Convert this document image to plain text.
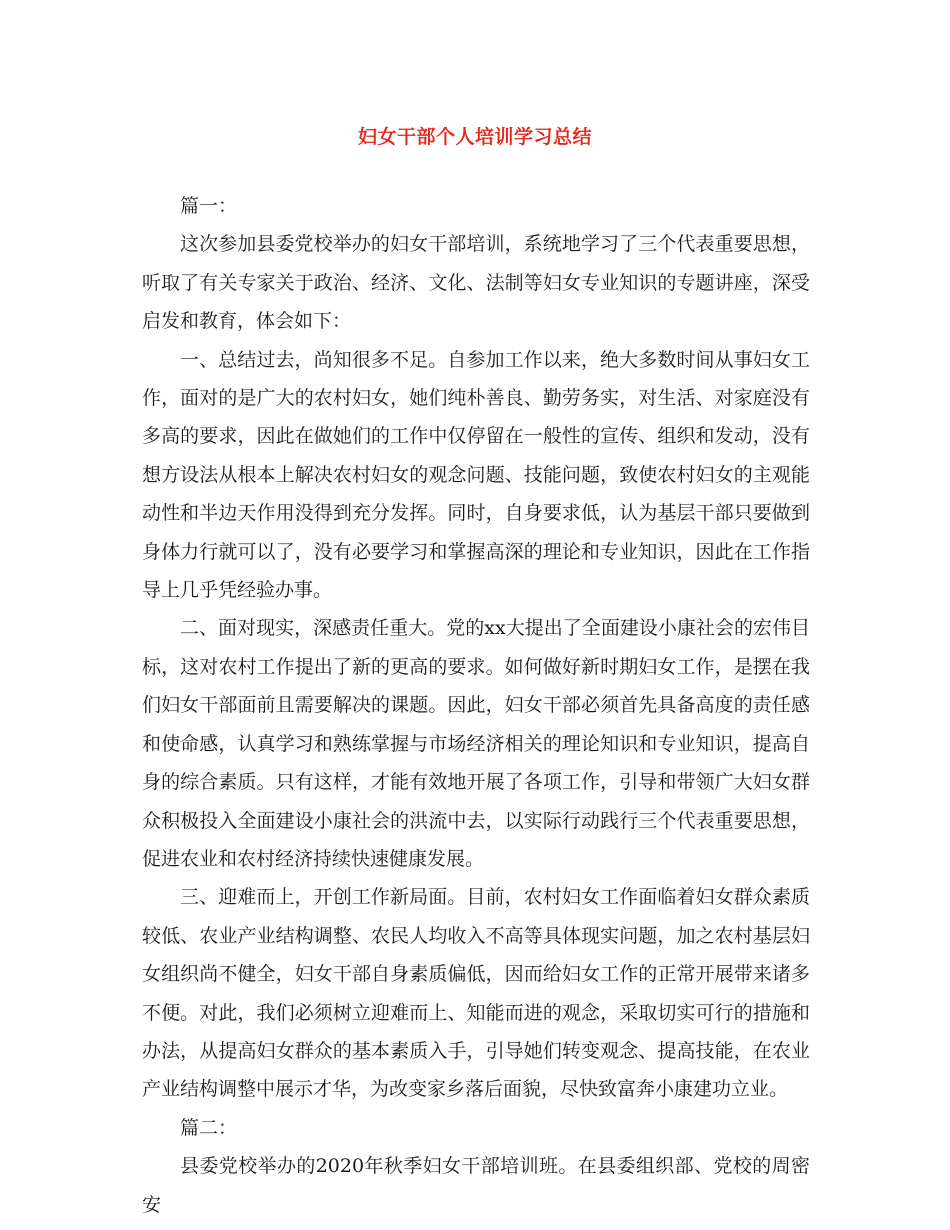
妇女干部个人培训学习总结

篇一：

这次参加县委党校举办的妇女干部培训，系统地学习了三个代表重要思想，听取了有关专家关于政治、经济、文化、法制等妇女专业知识的专题讲座，深受启发和教育，体会如下：

一、总结过去，尚知很多不足。自参加工作以来，绝大多数时间从事妇女工作，面对的是广大的农村妇女，她们纯朴善良、勤劳务实，对生活、对家庭没有多高的要求，因此在做她们的工作中仅停留在一般性的宣传、组织和发动，没有想方设法从根本上解决农村妇女的观念问题、技能问题，致使农村妇女的主观能动性和半边天作用没得到充分发挥。同时，自身要求低，认为基层干部只要做到身体力行就可以了，没有必要学习和掌握高深的理论和专业知识，因此在工作指导上几乎凭经验办事。

二、面对现实，深感责任重大。党的xx大提出了全面建设小康社会的宏伟目标，这对农村工作提出了新的更高的要求。如何做好新时期妇女工作，是摆在我们妇女干部面前且需要解决的课题。因此，妇女干部必须首先具备高度的责任感和使命感，认真学习和熟练掌握与市场经济相关的理论知识和专业知识，提高自身的综合素质。只有这样，才能有效地开展了各项工作，引导和带领广大妇女群众积极投入全面建设小康社会的洪流中去，以实际行动践行三个代表重要思想，促进农业和农村经济持续快速健康发展。

三、迎难而上，开创工作新局面。目前，农村妇女工作面临着妇女群众素质较低、农业产业结构调整、农民人均收入不高等具体现实问题，加之农村基层妇女组织尚不健全，妇女干部自身素质偏低，因而给妇女工作的正常开展带来诸多不便。对此，我们必须树立迎难而上、知能而进的观念，采取切实可行的措施和办法，从提高妇女群众的基本素质入手，引导她们转变观念、提高技能，在农业产业结构调整中展示才华，为改变家乡落后面貌，尽快致富奔小康建功立业。

篇二：

县委党校举办的2020年秋季妇女干部培训班。在县委组织部、党校的周密安
